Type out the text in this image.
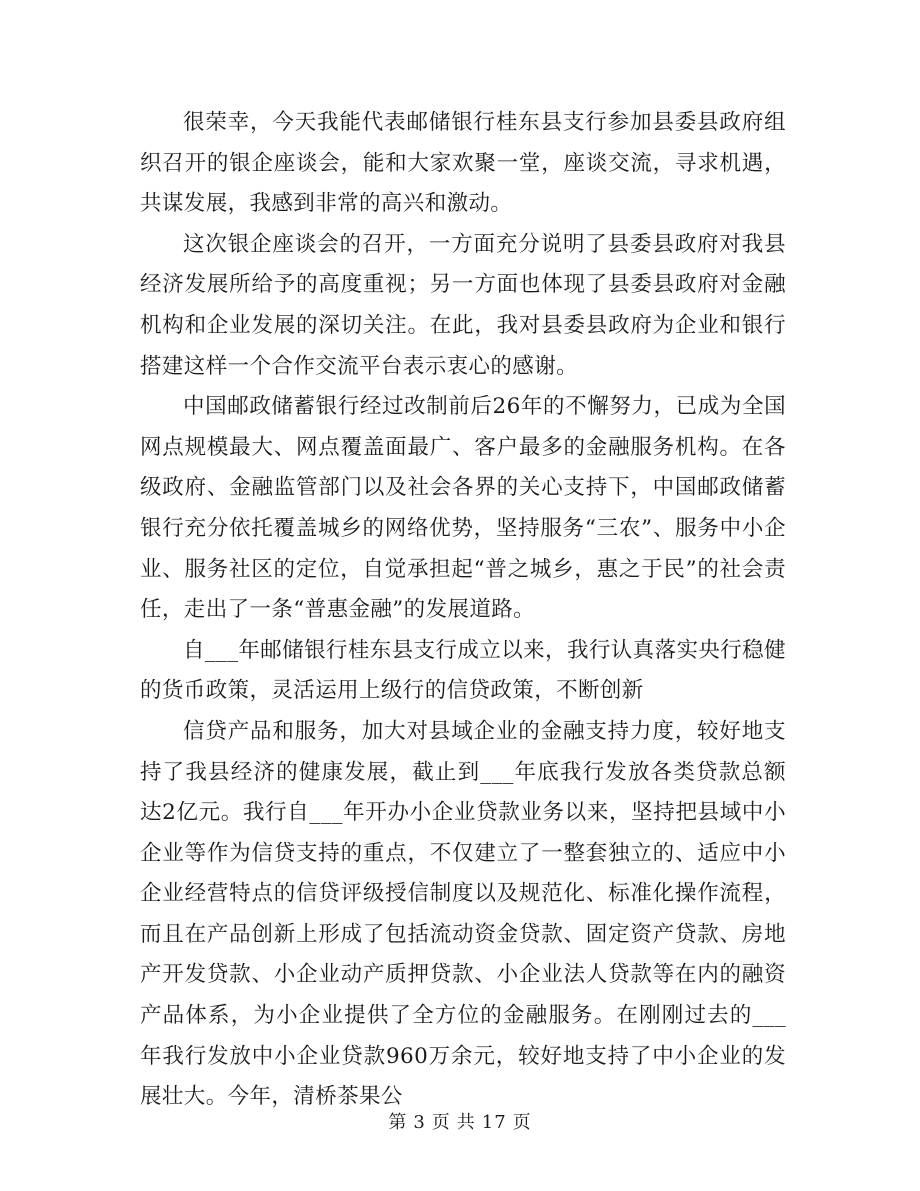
很荣幸，今天我能代表邮储银行桂东县支行参加县委县政府组织召开的银企座谈会，能和大家欢聚一堂，座谈交流，寻求机遇，共谋发展，我感到非常的高兴和激动。

这次银企座谈会的召开，一方面充分说明了县委县政府对我县经济发展所给予的高度重视；另一方面也体现了县委县政府对金融机构和企业发展的深切关注。在此，我对县委县政府为企业和银行搭建这样一个合作交流平台表示衷心的感谢。

中国邮政储蓄银行经过改制前后26年的不懈努力，已成为全国网点规模最大、网点覆盖面最广、客户最多的金融服务机构。在各级政府、金融监管部门以及社会各界的关心支持下，中国邮政储蓄银行充分依托覆盖城乡的网络优势，坚持服务“三农”、服务中小企业、服务社区的定位，自觉承担起“普之城乡，惠之于民”的社会责任，走出了一条“普惠金融”的发展道路。

自___年邮储银行桂东县支行成立以来，我行认真落实央行稳健的货币政策，灵活运用上级行的信贷政策，不断创新

信贷产品和服务，加大对县域企业的金融支持力度，较好地支持了我县经济的健康发展，截止到___年底我行发放各类贷款总额达2亿元。我行自___年开办小企业贷款业务以来，坚持把县域中小企业等作为信贷支持的重点，不仅建立了一整套独立的、适应中小企业经营特点的信贷评级授信制度以及规范化、标准化操作流程，而且在产品创新上形成了包括流动资金贷款、固定资产贷款、房地产开发贷款、小企业动产质押贷款、小企业法人贷款等在内的融资产品体系，为小企业提供了全方位的金融服务。在刚刚过去的___年我行发放中小企业贷款960万余元，较好地支持了中小企业的发展壮大。今年，清桥茶果公

第 3 页 共 17 页
